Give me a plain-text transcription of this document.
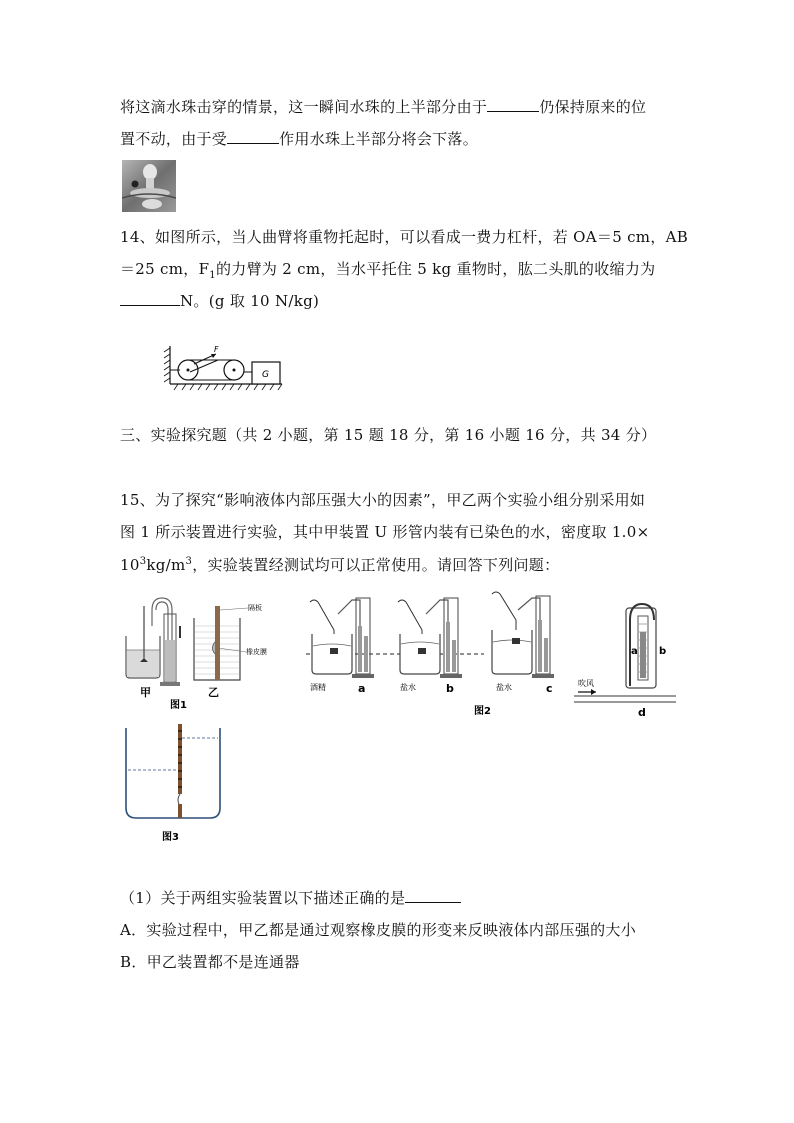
将这滴水珠击穿的情景，这一瞬间水珠的上半部分由于	仍保持原来的位
置不动，由于受	作用水珠上半部分将会下落。
14、如图所示，当人曲臂将重物托起时，可以看成一费力杠杆，若 OA＝5 cm，AB
＝25 cm，$F_1$的力臂为 2 cm，当水平托住 5 kg 重物时，肱二头肌的收缩力为
N。(g 取 10 N/kg)
F
G
三、实验探究题（共 2 小题，第 15 题 18 分，第 16 小题 16 分，共 34 分）
15、为了探究“影响液体内部压强大小的因素”，甲乙两个实验小组分别采用如
图 1 所示装置进行实验，其中甲装置 U 形管内装有已染色的水，密度取 1.0×
$10^3kg/m^3$，实验装置经测试均可以正常使用。请回答下列问题：
隔板
橡皮膜
甲	乙
图1
酒精	a	盐水	b	盐水	c
a b
吹风
d
图2
图3
（1）关于两组实验装置以下描述正确的是
A．实验过程中，甲乙都是通过观察橡皮膜的形变来反映液体内部压强的大小
B．甲乙装置都不是连通器
